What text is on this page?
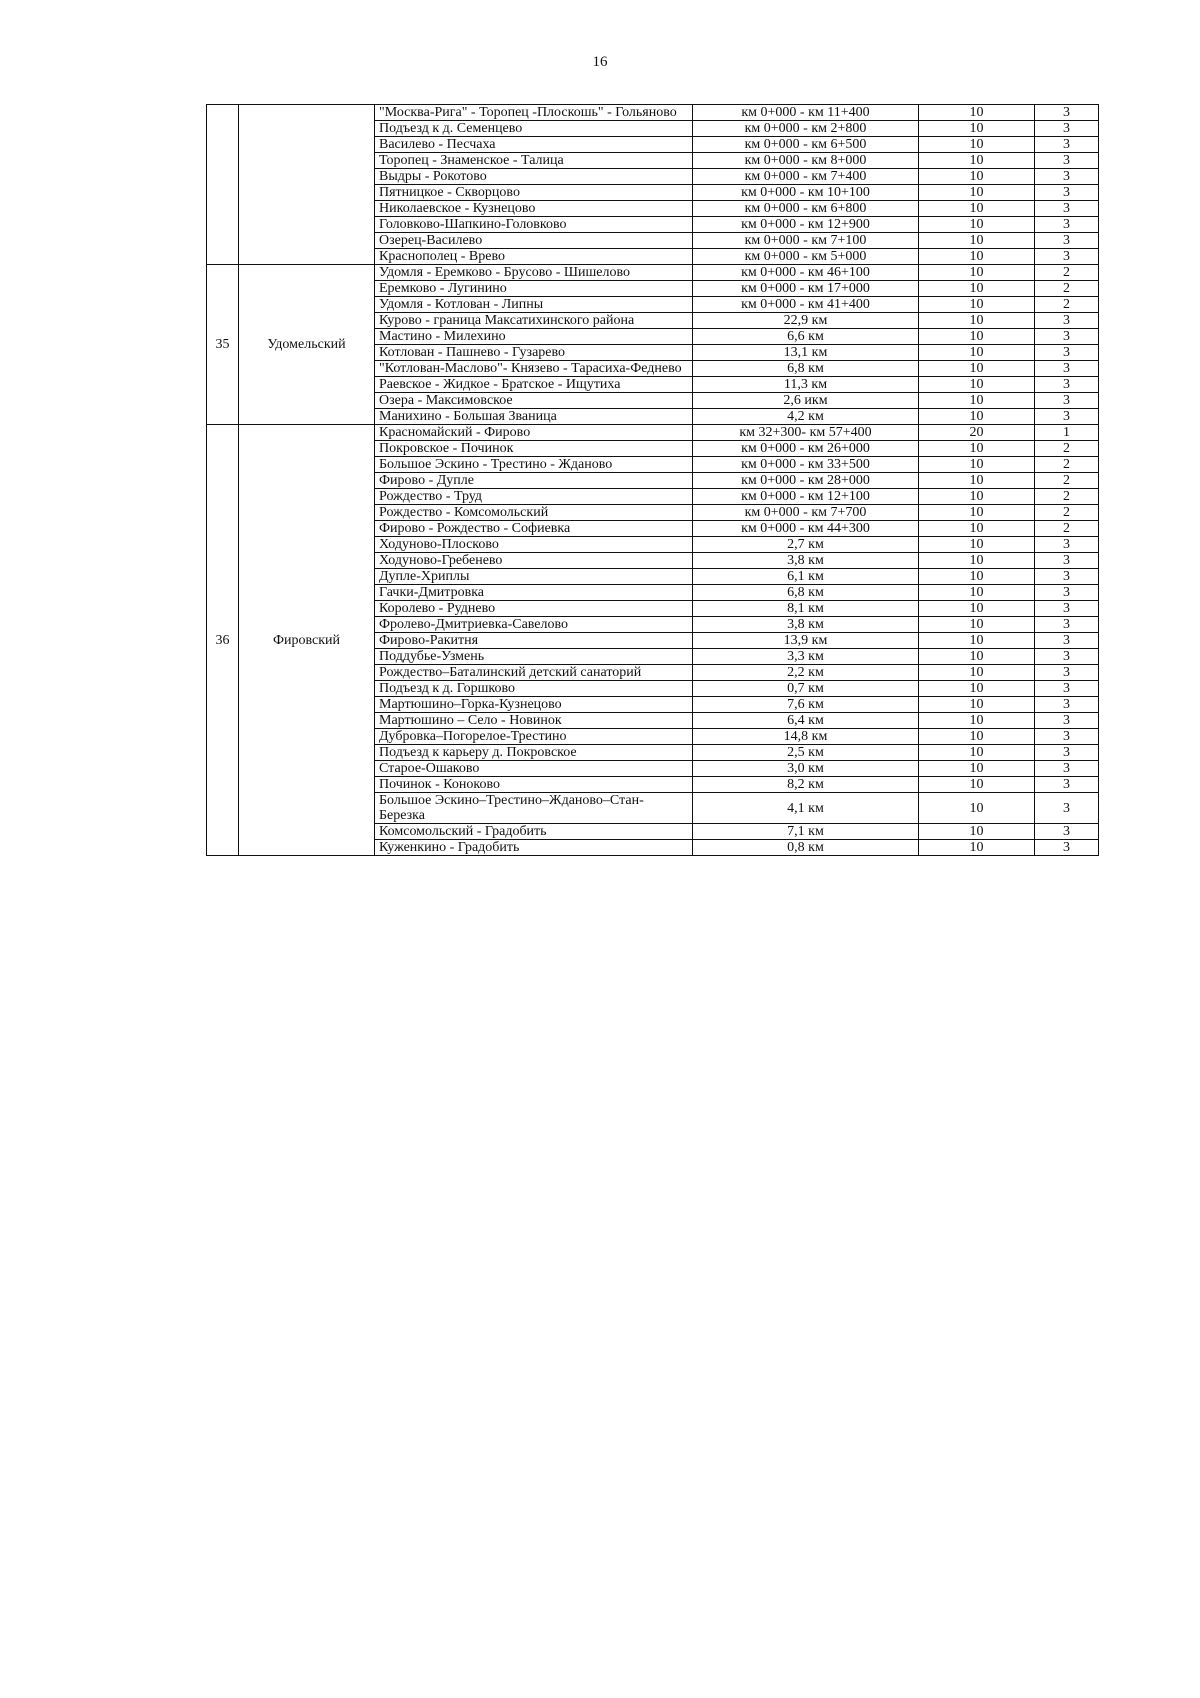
16
		"Москва-Рига" - Торопец -Плоскошь" - Гольяново	км 0+000 - км 11+400	10	3
		Подъезд к д. Семенцево	км 0+000 - км 2+800	10	3
		Василево - Песчаха	км 0+000 - км 6+500	10	3
		Торопец - Знаменское - Талица	км 0+000 - км 8+000	10	3
		Выдры - Рокотово	км 0+000 - км 7+400	10	3
		Пятницкое - Скворцово	км 0+000 - км 10+100	10	3
		Николаевское - Кузнецово	км 0+000 - км 6+800	10	3
		Головково-Шапкино-Головково	км 0+000 - км 12+900	10	3
		Озерец-Василево	км 0+000 - км 7+100	10	3
		Краснополец - Врево	км 0+000 - км 5+000	10	3
35	Удомельский	Удомля - Еремково - Брусово - Шишелово	км 0+000 - км 46+100	10	2
		Еремково - Лугинино	км 0+000 - км 17+000	10	2
		Удомля - Котлован - Липны	км 0+000 - км 41+400	10	2
		Курово - граница Максатихинского района	22,9 км	10	3
		Мастино - Милехино	6,6 км	10	3
		Котлован - Пашнево - Гузарево	13,1 км	10	3
		"Котлован-Маслово"- Князево - Тарасиха-Феднево	6,8 км	10	3
		Раевское - Жидкое - Братское - Ищутиха	11,3 км	10	3
		Озера - Максимовское	2,6 икм	10	3
		Манихино - Большая Званица	4,2 км	10	3
36	Фировский	Красномайский - Фирово	км 32+300- км 57+400	20	1
		Покровское - Починок	км 0+000 - км 26+000	10	2
		Большое Эскино - Трестино - Жданово	км 0+000 - км 33+500	10	2
		Фирово - Дупле	км 0+000 - км 28+000	10	2
		Рождество - Труд	км 0+000 - км 12+100	10	2
		Рождество - Комсомольский	км 0+000 - км 7+700	10	2
		Фирово - Рождество - Софиевка	км 0+000 - км 44+300	10	2
		Ходуново-Плосково	2,7 км	10	3
		Ходуново-Гребенево	3,8 км	10	3
		Дупле-Хриплы	6,1 км	10	3
		Гачки-Дмитровка	6,8 км	10	3
		Королево - Руднево	8,1 км	10	3
		Фролево-Дмитриевка-Савелово	3,8 км	10	3
		Фирово-Ракитня	13,9 км	10	3
		Поддубье-Узмень	3,3 км	10	3
		Рождество–Баталинский детский санаторий	2,2 км	10	3
		Подъезд к д. Горшково	0,7 км	10	3
		Мартюшино–Горка-Кузнецово	7,6 км	10	3
		Мартюшино – Село - Новинок	6,4 км	10	3
		Дубровка–Погорелое-Трестино	14,8 км	10	3
		Подъезд к карьеру д. Покровское	2,5 км	10	3
		Старое-Ошаково	3,0 км	10	3
		Починок - Коноково	8,2 км	10	3
		Большое Эскино–Трестино–Жданово–Стан-Березка	4,1 км	10	3
		Комсомольский - Градобить	7,1 км	10	3
		Куженкино - Градобить	0,8 км	10	3
